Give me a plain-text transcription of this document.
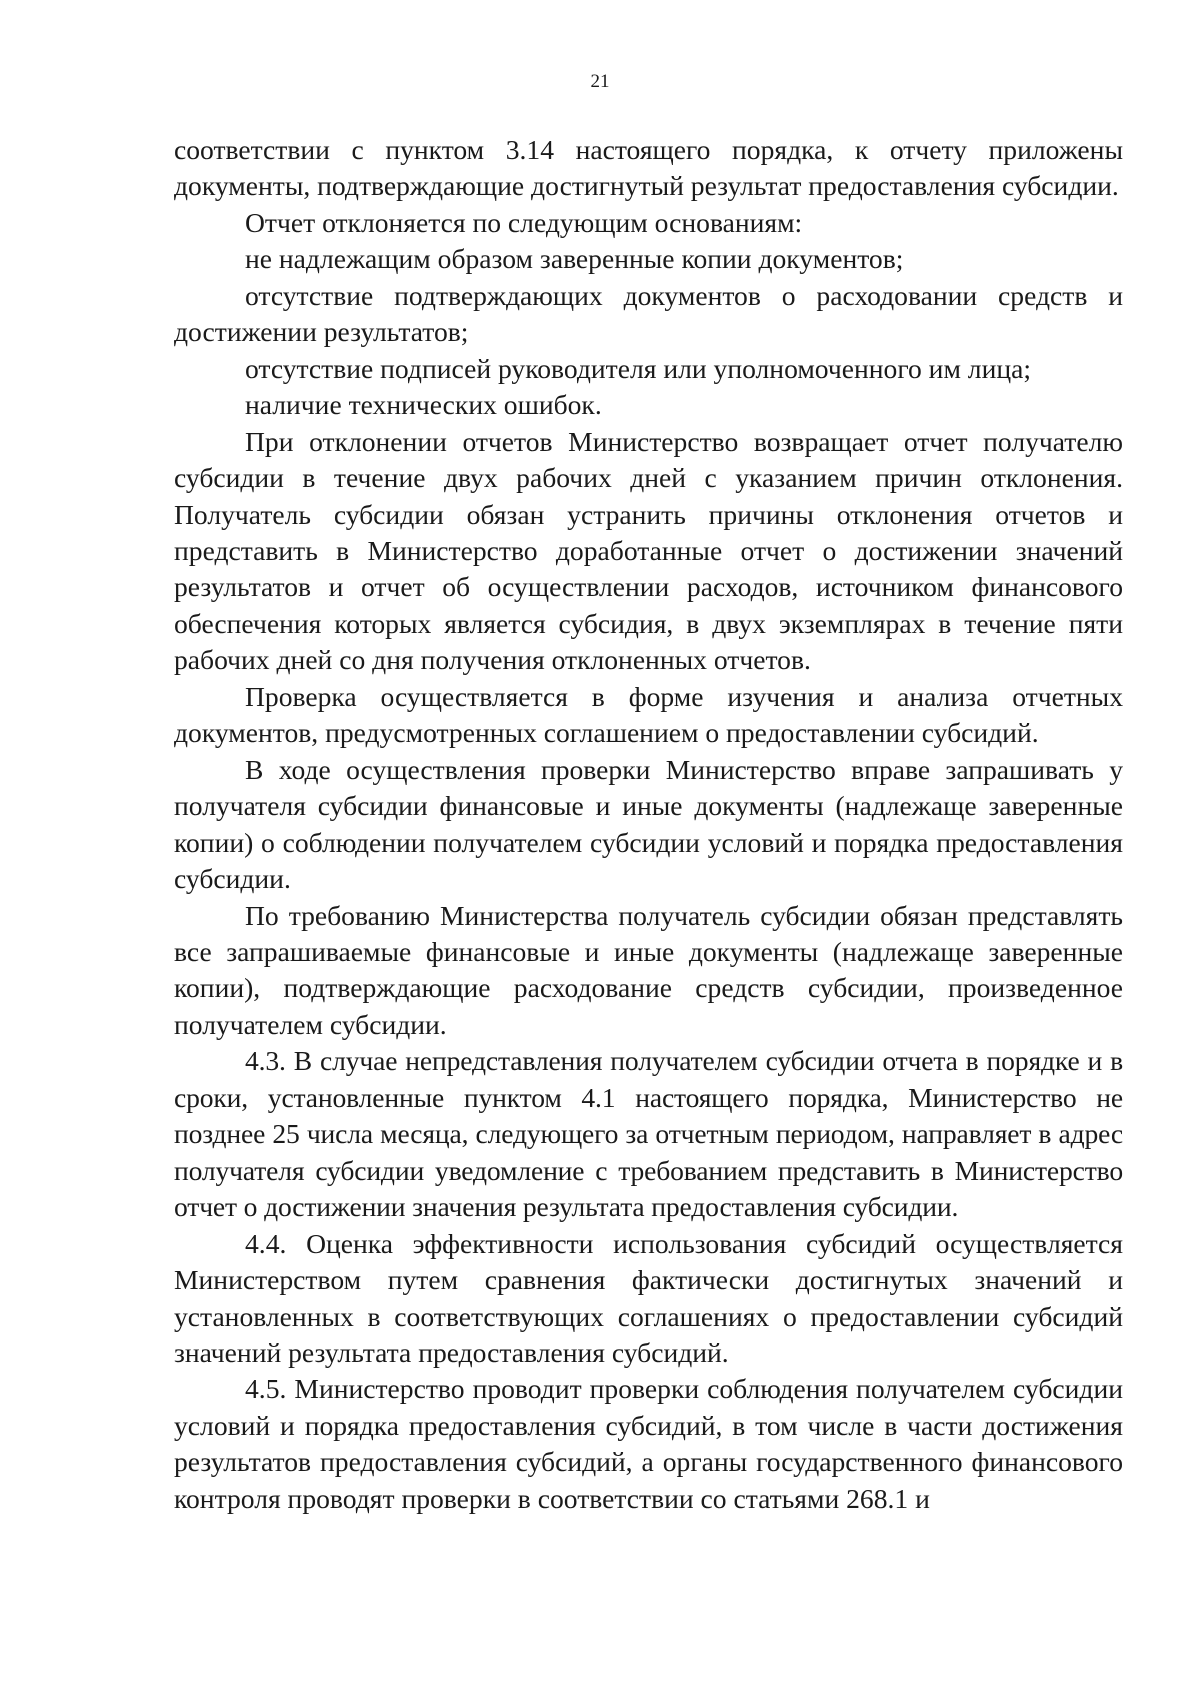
21

соответствии с пунктом 3.14 настоящего порядка, к отчету приложены документы, подтверждающие достигнутый результат предоставления субсидии.

Отчет отклоняется по следующим основаниям:

не надлежащим образом заверенные копии документов;

отсутствие подтверждающих документов о расходовании средств и достижении результатов;

отсутствие подписей руководителя или уполномоченного им лица;

наличие технических ошибок.

При отклонении отчетов Министерство возвращает отчет получателю субсидии в течение двух рабочих дней с указанием причин отклонения. Получатель субсидии обязан устранить причины отклонения отчетов и представить в Министерство доработанные отчет о достижении значений результатов и отчет об осуществлении расходов, источником финансового обеспечения которых является субсидия, в двух экземплярах в течение пяти рабочих дней со дня получения отклоненных отчетов.

Проверка осуществляется в форме изучения и анализа отчетных документов, предусмотренных соглашением о предоставлении субсидий.

В ходе осуществления проверки Министерство вправе запрашивать у получателя субсидии финансовые и иные документы (надлежаще заверенные копии) о соблюдении получателем субсидии условий и порядка предоставления субсидии.

По требованию Министерства получатель субсидии обязан представлять все запрашиваемые финансовые и иные документы (надлежаще заверенные копии), подтверждающие расходование средств субсидии, произведенное получателем субсидии.

4.3. В случае непредставления получателем субсидии отчета в порядке и в сроки, установленные пунктом 4.1 настоящего порядка, Министерство не позднее 25 числа месяца, следующего за отчетным периодом, направляет в адрес получателя субсидии уведомление с требованием представить в Министерство отчет о достижении значения результата предоставления субсидии.

4.4. Оценка эффективности использования субсидий осуществляется Министерством путем сравнения фактически достигнутых значений и установленных в соответствующих соглашениях о предоставлении субсидий значений результата предоставления субсидий.

4.5. Министерство проводит проверки соблюдения получателем субсидии условий и порядка предоставления субсидий, в том числе в части достижения результатов предоставления субсидий, а органы государственного финансового контроля проводят проверки в соответствии со статьями 268.1 и
